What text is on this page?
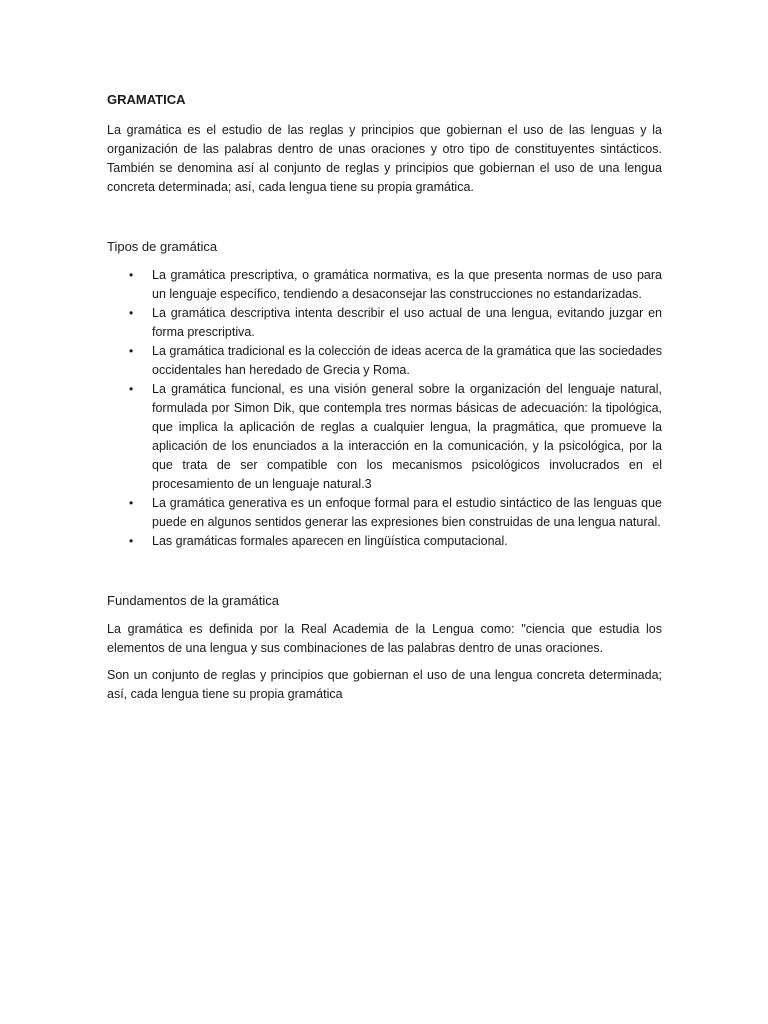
GRAMATICA

La gramática es el estudio de las reglas y principios que gobiernan el uso de las lenguas y la organización de las palabras dentro de unas oraciones y otro tipo de constituyentes sintácticos. También se denomina así al conjunto de reglas y principios que gobiernan el uso de una lengua concreta determinada; así, cada lengua tiene su propia gramática.

Tipos de gramática
• La gramática prescriptiva, o gramática normativa, es la que presenta normas de uso para un lenguaje específico, tendiendo a desaconsejar las construcciones no estandarizadas.
• La gramática descriptiva intenta describir el uso actual de una lengua, evitando juzgar en forma prescriptiva.
• La gramática tradicional es la colección de ideas acerca de la gramática que las sociedades occidentales han heredado de Grecia y Roma.
• La gramática funcional, es una visión general sobre la organización del lenguaje natural, formulada por Simon Dik, que contempla tres normas básicas de adecuación: la tipológica, que implica la aplicación de reglas a cualquier lengua, la pragmática, que promueve la aplicación de los enunciados a la interacción en la comunicación, y la psicológica, por la que trata de ser compatible con los mecanismos psicológicos involucrados en el procesamiento de un lenguaje natural.3
• La gramática generativa es un enfoque formal para el estudio sintáctico de las lenguas que puede en algunos sentidos generar las expresiones bien construidas de una lengua natural.
• Las gramáticas formales aparecen en lingüística computacional.
Fundamentos de la gramática

La gramática es definida por la Real Academia de la Lengua como: "ciencia que estudia los elementos de una lengua y sus combinaciones de las palabras dentro de unas oraciones.

Son un conjunto de reglas y principios que gobiernan el uso de una lengua concreta determinada; así, cada lengua tiene su propia gramática
